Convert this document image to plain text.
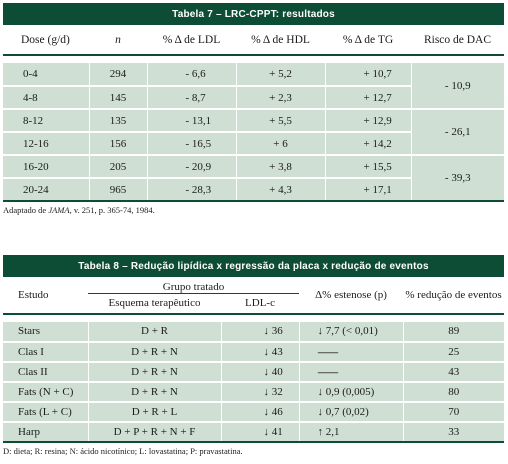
Tabela 7 – LRC-CPPT: resultados
Dose (g/d)	n	% Δ de LDL	% Δ de HDL	% Δ de TG	Risco de DAC

0-4	294	- 6,6	+ 5,2	+ 10,7	- 10,9
4-8	145	- 8,7	+ 2,3	+ 12,7	
8-12	135	- 13,1	+ 5,5	+ 12,9	- 26,1
12-16	156	- 16,5	+ 6	+ 14,2	
16-20	205	- 20,9	+ 3,8	+ 15,5	- 39,3
20-24	965	- 28,3	+ 4,3	+ 17,1	
Adaptado de JAMA, v. 251, p. 365-74, 1984.
Tabela 8 – Redução lipídica x regressão da placa x redução de eventos
Estudo	Grupo tratado		Δ% estenose (p)	% redução de eventos
	Esquema terapêutico	LDL-c		

Stars	D + R	↓ 36	↓ 7,7 (< 0,01)	89
Clas I	D + R + N	↓ 43	----------	25
Clas II	D + R + N	↓ 40	----------	43
Fats (N + C)	D + R + N	↓ 32	↓ 0,9 (0,005)	80
Fats (L + C)	D + R + L	↓ 46	↓ 0,7 (0,02)	70
Harp	D + P + R + N + F	↓ 41	↑ 2,1	33
D: dieta; R: resina; N: ácido nicotínico; L: lovastatina; P: pravastatina.
